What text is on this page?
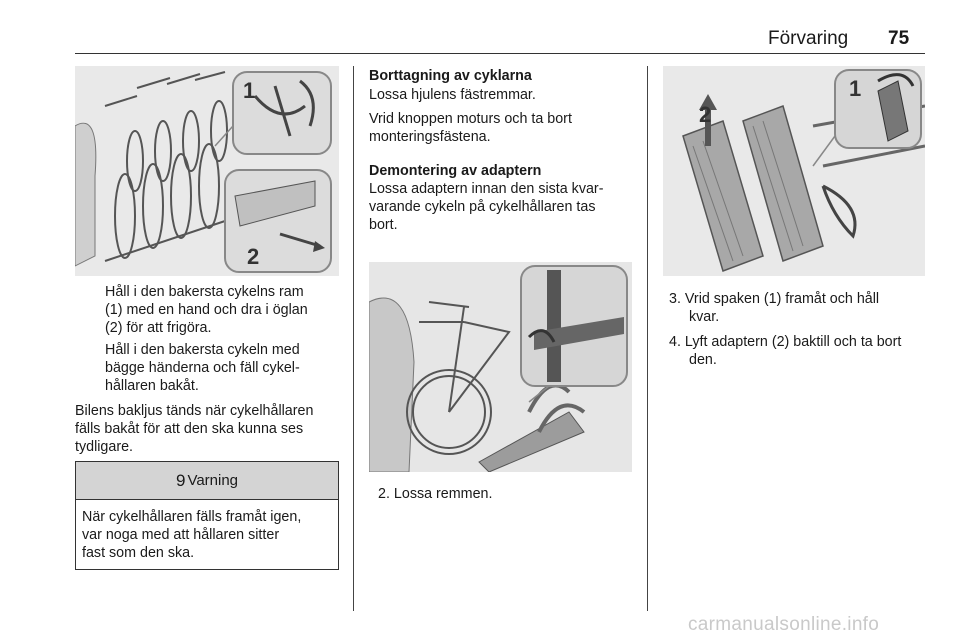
Förvaring 75
1
2
Håll i den bakersta cykelns ram
(1) med en hand och dra i öglan
(2) för att frigöra.
Håll i den bakersta cykeln med
bägge händerna och fäll cykel-
hållaren bakåt.
Bilens bakljus tänds när cykelhållaren
fälls bakåt för att den ska kunna ses
tydligare.
9 Varning
När cykelhållaren fälls framåt igen,
var noga med att hållaren sitter
fast som den ska.
Borttagning av cyklarna
Lossa hjulens fästremmar.
Vrid knoppen moturs och ta bort
monteringsfästena.
Demontering av adaptern
Lossa adaptern innan den sista kvar-
varande cykeln på cykelhållaren tas
bort.

2. Lossa remmen.
2
1
3. Vrid spaken (1) framåt och håll
kvar.
4. Lyft adaptern (2) baktill och ta bort
den.
carmanualsonline.info
